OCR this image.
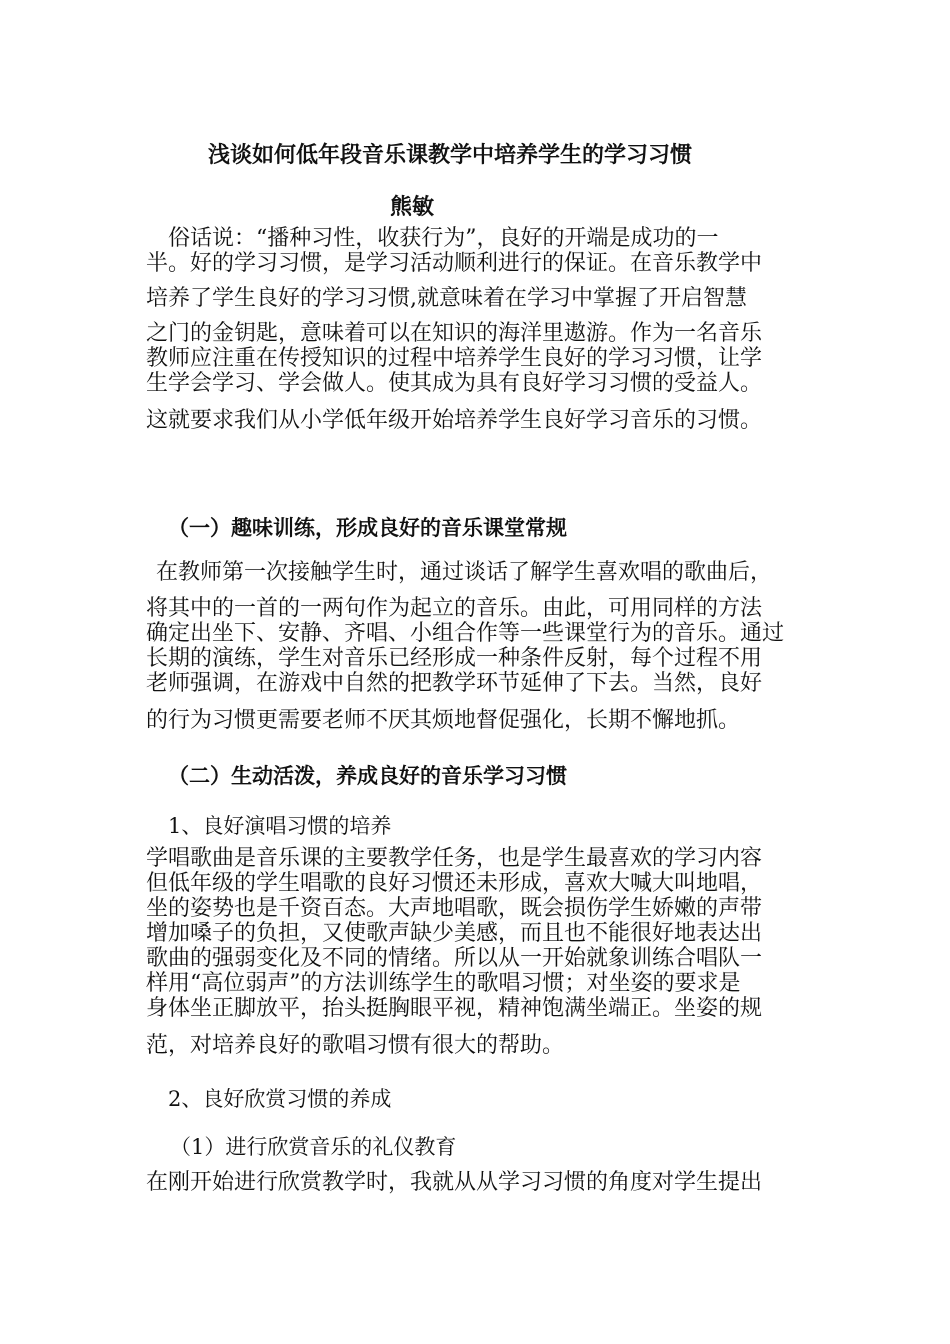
浅谈如何低年段音乐课教学中培养学生的学习习惯
熊敏
　俗话说：“播种习性，收获行为”，良好的开端是成功的一
半。好的学习习惯，是学习活动顺利进行的保证。在音乐教学中
培养了学生良好的学习习惯,就意味着在学习中掌握了开启智慧
之门的金钥匙，意味着可以在知识的海洋里遨游。作为一名音乐
教师应注重在传授知识的过程中培养学生良好的学习习惯，让学
生学会学习、学会做人。使其成为具有良好学习习惯的受益人。
这就要求我们从小学低年级开始培养学生良好学习音乐的习惯。
（一）趣味训练，形成良好的音乐课堂常规
在教师第一次接触学生时，通过谈话了解学生喜欢唱的歌曲后，
将其中的一首的一两句作为起立的音乐。由此，可用同样的方法
确定出坐下、安静、齐唱、小组合作等一些课堂行为的音乐。通过
长期的演练，学生对音乐已经形成一种条件反射，每个过程不用
老师强调，在游戏中自然的把教学环节延伸了下去。当然，良好
的行为习惯更需要老师不厌其烦地督促强化，长期不懈地抓。
（二）生动活泼，养成良好的音乐学习习惯
1、良好演唱习惯的培养
学唱歌曲是音乐课的主要教学任务，也是学生最喜欢的学习内容
但低年级的学生唱歌的良好习惯还未形成，喜欢大喊大叫地唱，
坐的姿势也是千资百态。大声地唱歌，既会损伤学生娇嫩的声带
增加嗓子的负担，又使歌声缺少美感，而且也不能很好地表达出
歌曲的强弱变化及不同的情绪。所以从一开始就象训练合唱队一
样用“高位弱声”的方法训练学生的歌唱习惯；对坐姿的要求是
身体坐正脚放平，抬头挺胸眼平视，精神饱满坐端正。坐姿的规
范，对培养良好的歌唱习惯有很大的帮助。
2、良好欣赏习惯的养成
（1）进行欣赏音乐的礼仪教育
在刚开始进行欣赏教学时，我就从从学习习惯的角度对学生提出
